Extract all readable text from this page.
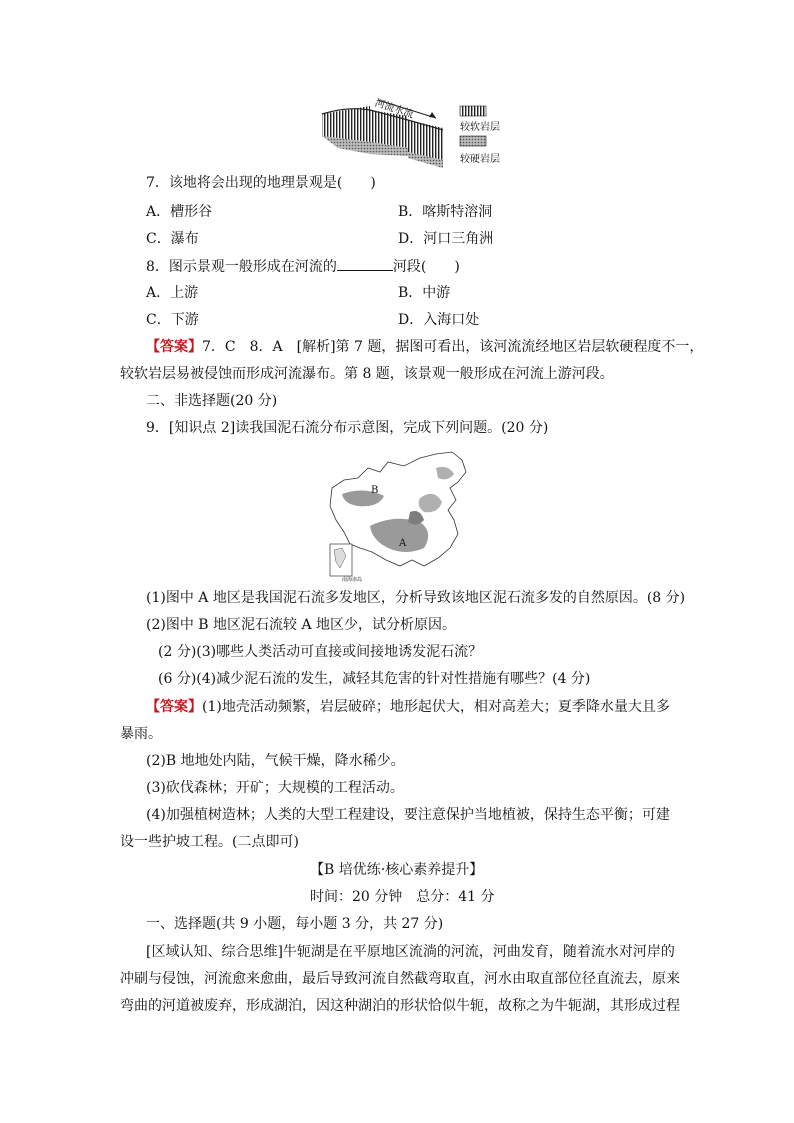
河流水流
较软岩层
较硬岩层
7．该地将会出现的地理景观是(　　)
A．槽形谷	B．喀斯特溶洞
C．瀑布	D．河口三角洲
8．图示景观一般形成在河流的	河段(　　)
A．上游	B．中游
C．下游	D．入海口处
【答案】7．C　8．A　[解析]第 7 题，据图可看出，该河流流经地区岩层软硬程度不一，
较软岩层易被侵蚀而形成河流瀑布。第 8 题，该景观一般形成在河流上游河段。
二、非选择题(20 分)
9．[知识点 2]读我国泥石流分布示意图，完成下列问题。(20 分)
B
A
南海诸岛
(1)图中 A 地区是我国泥石流多发地区，分析导致该地区泥石流多发的自然原因。(8 分)
(2)图中 B 地区泥石流较 A 地区少，试分析原因。
(2 分)(3)哪些人类活动可直接或间接地诱发泥石流？
(6 分)(4)减少泥石流的发生，减轻其危害的针对性措施有哪些？(4 分)
【答案】(1)地壳活动频繁，岩层破碎；地形起伏大，相对高差大；夏季降水量大且多
暴雨。
(2)B 地地处内陆，气候干燥，降水稀少。
(3)砍伐森林；开矿；大规模的工程活动。
(4)加强植树造林；人类的大型工程建设，要注意保护当地植被，保持生态平衡；可建
设一些护坡工程。(二点即可)
【B 培优练·核心素养提升】
时间：20 分钟　总分：41 分
一、选择题(共 9 小题，每小题 3 分，共 27 分)
[区域认知、综合思维]牛轭湖是在平原地区流淌的河流，河曲发育，随着流水对河岸的
冲刷与侵蚀，河流愈来愈曲，最后导致河流自然截弯取直，河水由取直部位径直流去，原来
弯曲的河道被废弃，形成湖泊，因这种湖泊的形状恰似牛轭，故称之为牛轭湖，其形成过程
